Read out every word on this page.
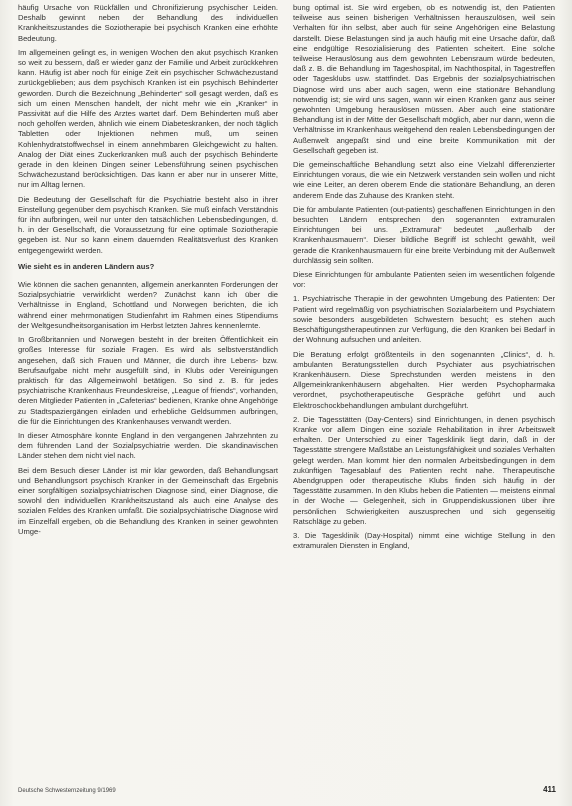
häufig Ursache von Rückfällen und Chronifizierung psychischer Leiden. Deshalb gewinnt neben der Behandlung des individuellen Krankheitszustandes die Soziotherapie bei psychisch Kranken eine erhöhte Bedeutung.

Im allgemeinen gelingt es, in wenigen Wochen den akut psychisch Kranken so weit zu bessern, daß er wieder ganz der Familie und Arbeit zurückkehren kann. Häufig ist aber noch für einige Zeit ein psychischer Schwächezustand zurückgeblieben; aus dem psychisch Kranken ist ein psychisch Behinderter geworden. Durch die Bezeichnung „Behinderter“ soll gesagt werden, daß es sich um einen Menschen handelt, der nicht mehr wie ein „Kranker“ in Passivität auf die Hilfe des Arztes wartet darf. Dem Behinderten muß aber noch geholfen werden, ähnlich wie einem Diabeteskranken, der noch täglich Tabletten oder Injektionen nehmen muß, um seinen Kohlenhydratstoffwechsel in einem annehmbaren Gleichgewicht zu halten. Analog der Diät eines Zuckerkranken muß auch der psychisch Behinderte gerade in den kleinen Dingen seiner Lebensführung seinen psychischen Schwächezustand berücksichtigen. Das kann er aber nur in unserer Mitte, nur im Alltag lernen.

Die Bedeutung der Gesellschaft für die Psychiatrie besteht also in ihrer Einstellung gegenüber dem psychisch Kranken. Sie muß einfach Verständnis für ihn aufbringen, weil nur unter den tatsächlichen Lebensbedingungen, d. h. in der Gesellschaft, die Voraussetzung für eine optimale Soziotherapie gegeben ist. Nur so kann einem dauernden Realitätsverlust des Kranken entgegengewirkt werden.

Wie sieht es in anderen Ländern aus?

Wie können die sachen genannten, allgemein anerkannten Forderungen der Sozialpsychiatrie verwirklicht werden? Zunächst kann ich über die Verhältnisse in England, Schottland und Norwegen berichten, die ich während einer mehrmonatigen Studienfahrt im Rahmen eines Stipendiums der Weltgesundheitsorganisation im Herbst letzten Jahres kennenlernte.

In Großbritannien und Norwegen besteht in der breiten Öffentlichkeit ein großes Interesse für soziale Fragen. Es wird als selbstverständlich angesehen, daß sich Frauen und Männer, die durch ihre Lebens- bzw. Berufsaufgabe nicht mehr ausgefüllt sind, in Klubs oder Vereinigungen praktisch für das Allgemeinwohl betätigen. So sind z. B. für jedes psychiatrische Krankenhaus Freundeskreise, „League of friends“, vorhanden, deren Mitglieder Patienten in „Cafeterias“ bedienen, Kranke ohne Angehörige zu Stadtspaziergängen einladen und erhebliche Geldsummen aufbringen, die für die Einrichtungen des Krankenhauses verwandt werden.

In dieser Atmosphäre konnte England in den vergangenen Jahrzehnten zu dem führenden Land der Sozialpsychiatrie werden. Die skandinavischen Länder stehen dem nicht viel nach.

Bei dem Besuch dieser Länder ist mir klar geworden, daß Behandlungsart und Behandlungsort psychisch Kranker in der Gemeinschaft das Ergebnis einer sorgfältigen sozialpsychiatrischen Diagnose sind, einer Diagnose, die sowohl den individuellen Krankheitszustand als auch eine Analyse des sozialen Feldes des Kranken umfaßt. Die sozialpsychiatrische Diagnose wird im Einzelfall ergeben, ob die Behandlung des Kranken in seiner gewohnten Umge-

bung optimal ist. Sie wird ergeben, ob es notwendig ist, den Patienten teilweise aus seinen bisherigen Verhältnissen herauszulösen, weil sein Verhalten für ihn selbst, aber auch für seine Angehörigen eine Belastung darstellt. Diese Belastungen sind ja auch häufig mit eine Ursache dafür, daß eine endgültige Resozialisierung des Patienten scheitert. Eine solche teilweise Herauslösung aus dem gewohnten Lebensraum würde bedeuten, daß z. B. die Behandlung im Tageshospital, im Nachthospital, in Tagestreffen oder Tagesklubs usw. stattfindet. Das Ergebnis der sozialpsychiatrischen Diagnose wird uns aber auch sagen, wenn eine stationäre Behandlung notwendig ist; sie wird uns sagen, wann wir einen Kranken ganz aus seiner gewohnten Umgebung herauslösen müssen. Aber auch eine stationäre Behandlung ist in der Mitte der Gesellschaft möglich, aber nur dann, wenn die Verhältnisse im Krankenhaus weitgehend den realen Lebensbedingungen der Außenwelt angepaßt sind und eine breite Kommunikation mit der Gesellschaft gegeben ist.

Die gemeinschaftliche Behandlung setzt also eine Vielzahl differenzierter Einrichtungen voraus, die wie ein Netzwerk verstanden sein wollen und nicht wie eine Leiter, an deren oberem Ende die stationäre Behandlung, an deren anderem Ende das Zuhause des Kranken steht.

Die für ambulante Patienten (out-patients) geschaffenen Einrichtungen in den besuchten Ländern entsprechen den sogenannten extramuralen Einrichtungen bei uns. „Extramural“ bedeutet „außerhalb der Krankenhausmauern“. Dieser bildliche Begriff ist schlecht gewählt, weil gerade die Krankenhausmauern für eine breite Verbindung mit der Außenwelt durchlässig sein sollten.

Diese Einrichtungen für ambulante Patienten seien im wesentlichen folgende vor:

1. Psychiatrische Therapie in der gewohnten Umgebung des Patienten: Der Patient wird regelmäßig von psychiatrischen Sozialarbeitern und Psychiatern sowie besonders ausgebildeten Schwestern besucht; es stehen auch Beschäftigungstherapeutinnen zur Verfügung, die den Kranken bei Bedarf in der Wohnung aufsuchen und anleiten.

Die Beratung erfolgt größtenteils in den sogenannten „Clinics“, d. h. ambulanten Beratungsstellen durch Psychiater aus psychiatrischen Krankenhäusern. Diese Sprechstunden werden meistens in den Allgemeinkrankenhäusern abgehalten. Hier werden Psychopharmaka verordnet, psychotherapeutische Gespräche geführt und auch Elektroschockbehandlungen ambulant durchgeführt.

2. Die Tagesstätten (Day-Centers) sind Einrichtungen, in denen psychisch Kranke vor allem Dingen eine soziale Rehabilitation in ihrer Arbeitswelt erhalten. Der Unterschied zu einer Tagesklinik liegt darin, daß in der Tagesstätte strengere Maßstäbe an Leistungsfähigkeit und soziales Verhalten gelegt werden. Man kommt hier den normalen Arbeitsbedingungen in dem zukünftigen Tagesablauf des Patienten recht nahe. Therapeutische Abendgruppen oder therapeutische Klubs finden sich häufig in der Tagesstätte zusammen. In den Klubs heben die Patienten — meistens einmal in der Woche — Gelegenheit, sich in Gruppendiskussionen über ihre persönlichen Schwierigkeiten auszusprechen und sich gegenseitig Ratschläge zu geben.

3. Die Tagesklinik (Day-Hospital) nimmt eine wichtige Stellung in den extramuralen Diensten in England,

Deutsche Schwesternzeitung 9/1969	411
